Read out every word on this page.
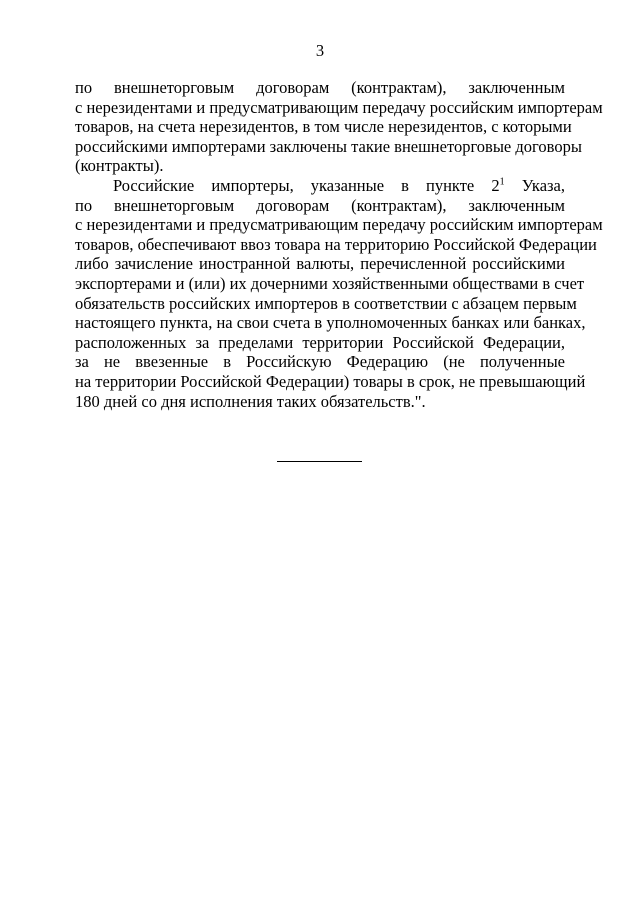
3
по внешнеторговым договорам (контрактам), заключенным
с нерезидентами и предусматривающим передачу российским импортерам
товаров, на счета нерезидентов, в том числе нерезидентов, с которыми
российскими импортерами заключены такие внешнеторговые договоры
(контракты).
Российские импортеры, указанные в пункте $2^1$ Указа,
по внешнеторговым договорам (контрактам), заключенным
с нерезидентами и предусматривающим передачу российским импортерам
товаров, обеспечивают ввоз товара на территорию Российской Федерации
либо зачисление иностранной валюты, перечисленной российскими
экспортерами и (или) их дочерними хозяйственными обществами в счет
обязательств российских импортеров в соответствии с абзацем первым
настоящего пункта, на свои счета в уполномоченных банках или банках,
расположенных за пределами территории Российской Федерации,
за не ввезенные в Российскую Федерацию (не полученные
на территории Российской Федерации) товары в срок, не превышающий
180 дней со дня исполнения таких обязательств.".
